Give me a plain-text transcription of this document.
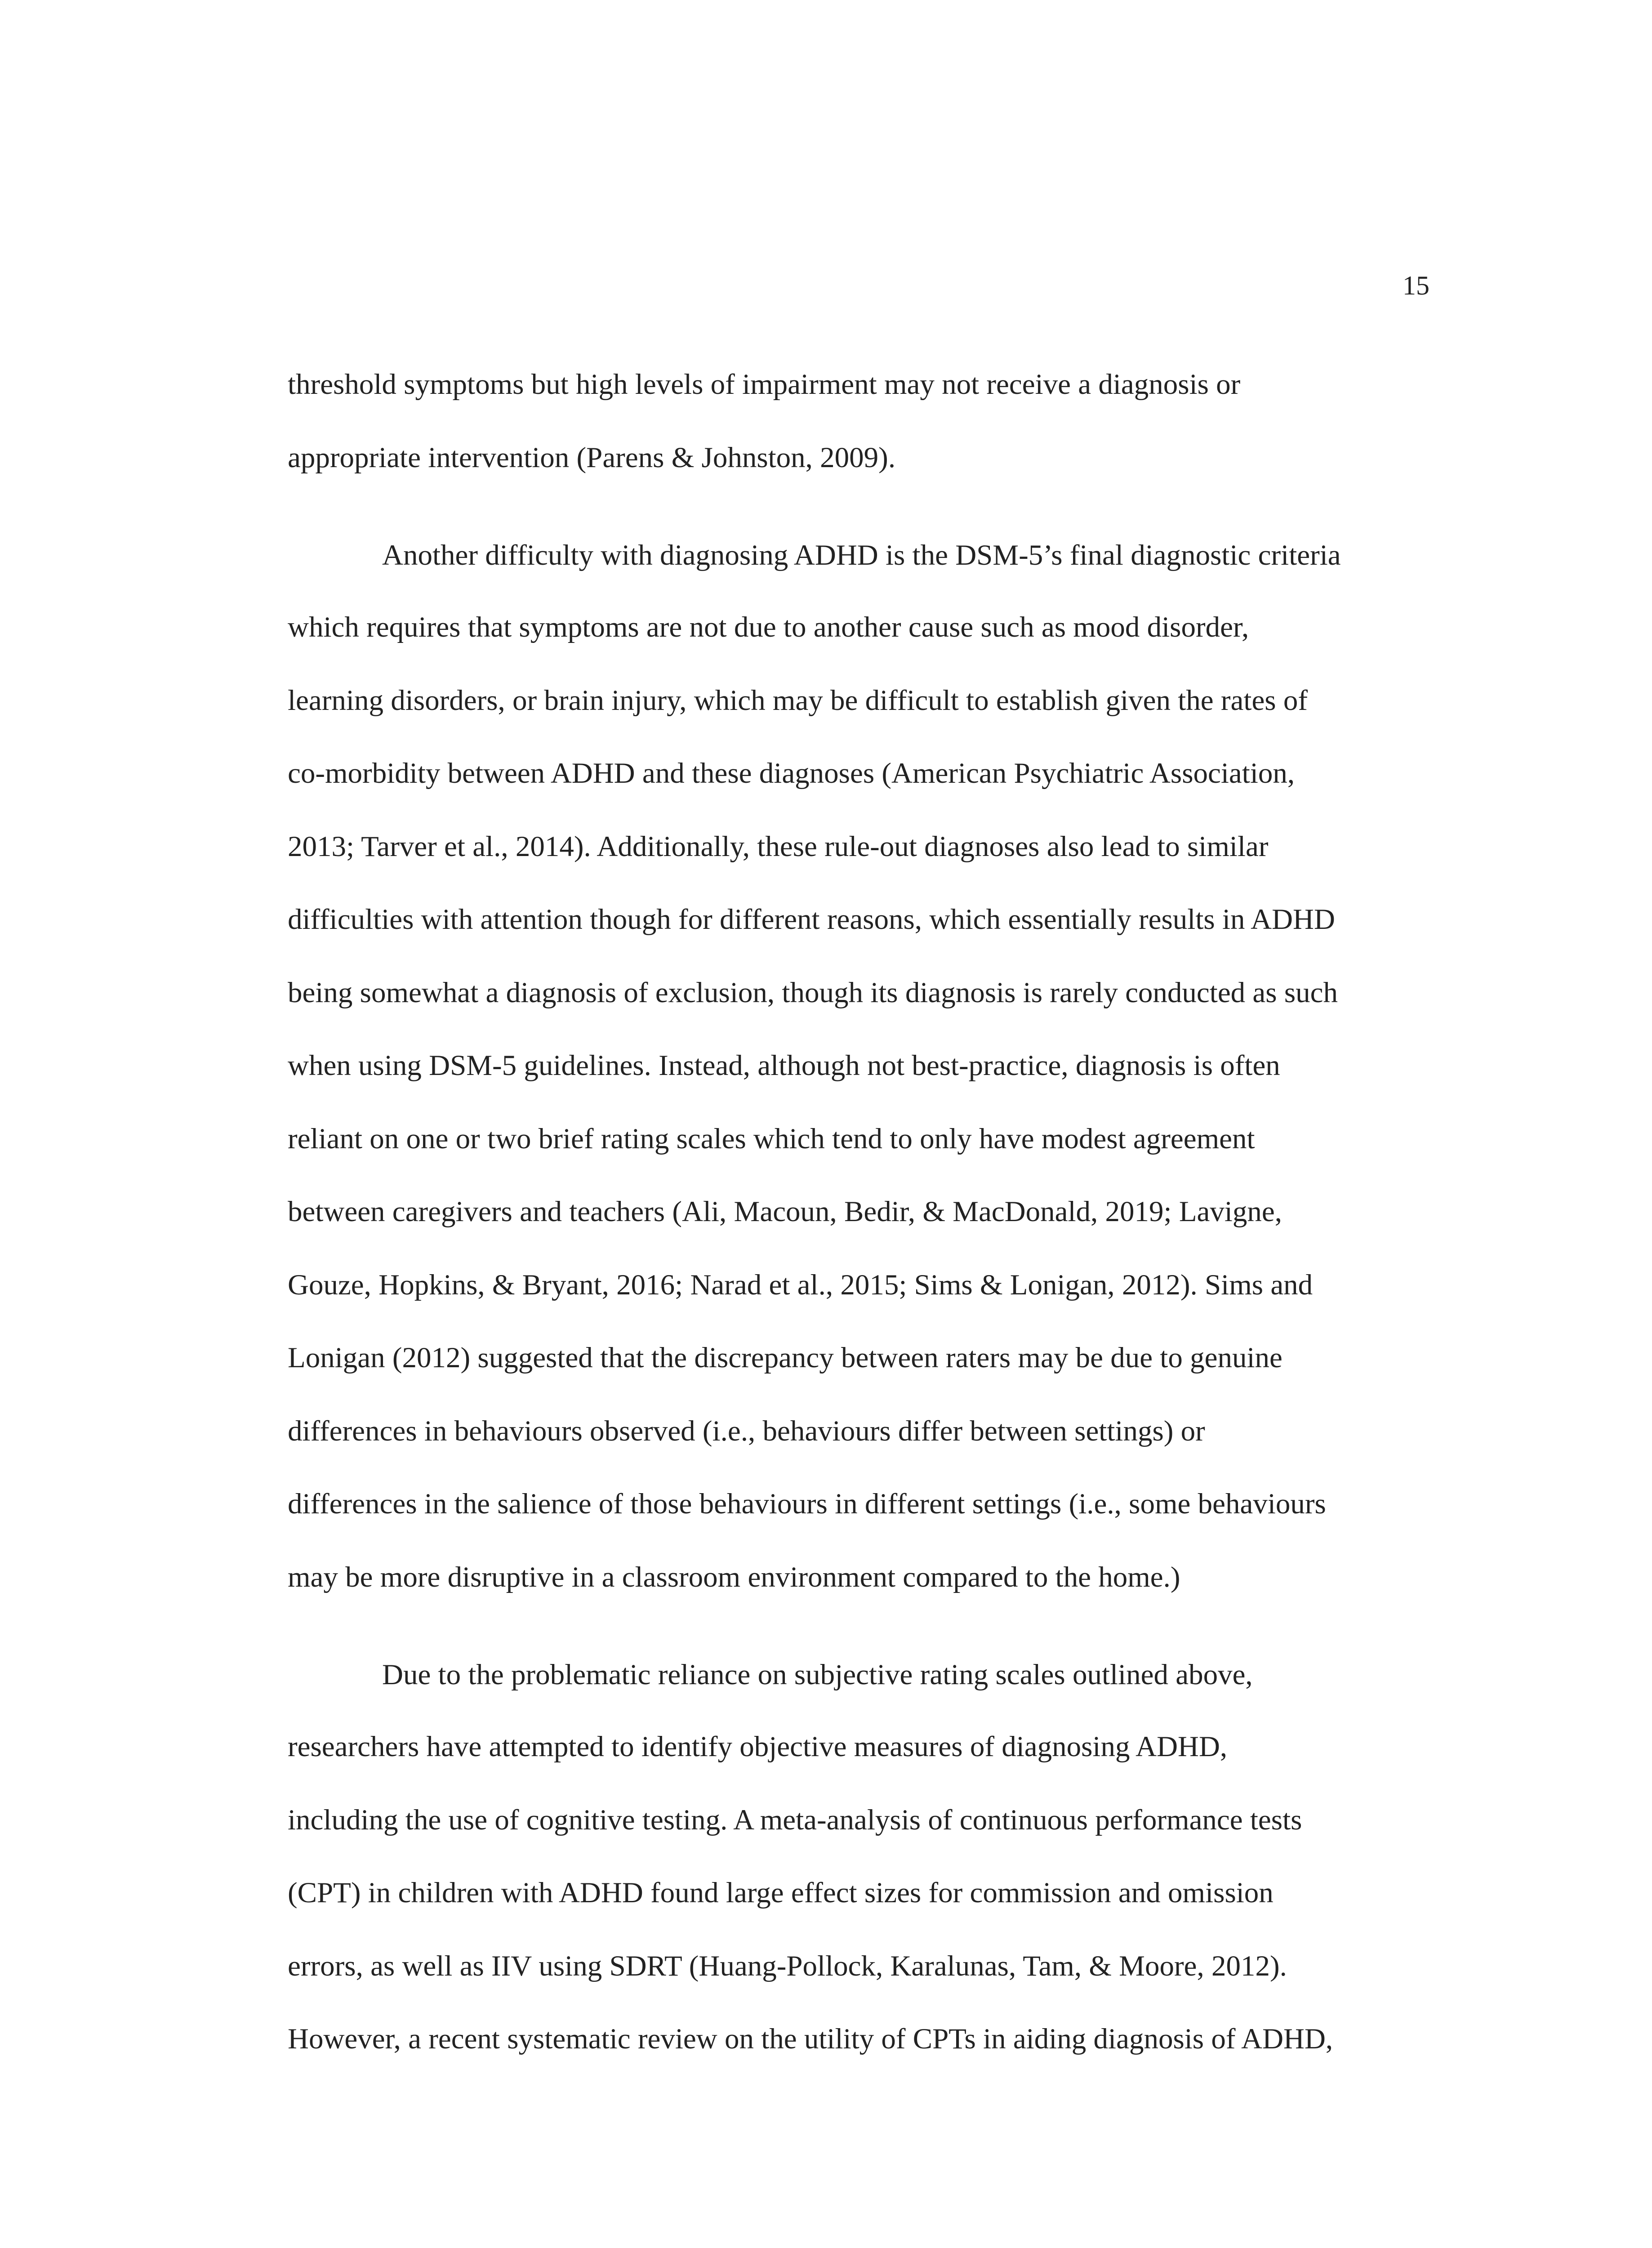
15
threshold symptoms but high levels of impairment may not receive a diagnosis or
appropriate intervention (Parens & Johnston, 2009).
Another difficulty with diagnosing ADHD is the DSM-5’s final diagnostic criteria
which requires that symptoms are not due to another cause such as mood disorder,
learning disorders, or brain injury, which may be difficult to establish given the rates of
co-morbidity between ADHD and these diagnoses (American Psychiatric Association,
2013; Tarver et al., 2014). Additionally, these rule-out diagnoses also lead to similar
difficulties with attention though for different reasons, which essentially results in ADHD
being somewhat a diagnosis of exclusion, though its diagnosis is rarely conducted as such
when using DSM-5 guidelines. Instead, although not best-practice, diagnosis is often
reliant on one or two brief rating scales which tend to only have modest agreement
between caregivers and teachers (Ali, Macoun, Bedir, & MacDonald, 2019; Lavigne,
Gouze, Hopkins, & Bryant, 2016; Narad et al., 2015; Sims & Lonigan, 2012). Sims and
Lonigan (2012) suggested that the discrepancy between raters may be due to genuine
differences in behaviours observed (i.e., behaviours differ between settings) or
differences in the salience of those behaviours in different settings (i.e., some behaviours
may be more disruptive in a classroom environment compared to the home.)
Due to the problematic reliance on subjective rating scales outlined above,
researchers have attempted to identify objective measures of diagnosing ADHD,
including the use of cognitive testing. A meta-analysis of continuous performance tests
(CPT) in children with ADHD found large effect sizes for commission and omission
errors, as well as IIV using SDRT (Huang-Pollock, Karalunas, Tam, & Moore, 2012).
However, a recent systematic review on the utility of CPTs in aiding diagnosis of ADHD,
